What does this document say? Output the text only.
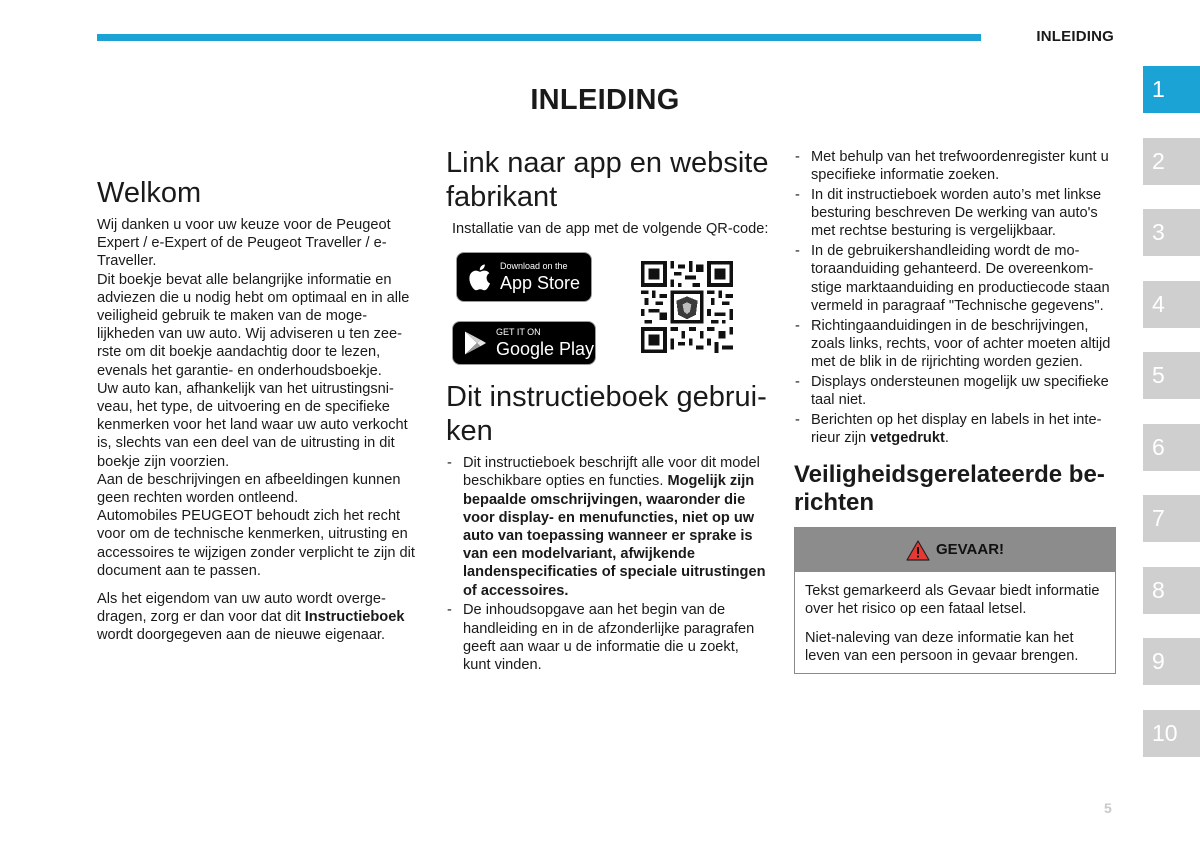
INLEIDING
INLEIDING	1
2
3
4
5
6
7
8
9
10
Welkom

Wij danken u voor uw keuze voor de Peugeot Expert / e-Expert of de Peugeot Traveller / e-Traveller.

Dit boekje bevat alle belangrijke informatie en adviezen die u nodig hebt om optimaal en in alle veiligheid gebruik te maken van de mogelijkheden van uw auto. Wij adviseren u ten zeerste om dit boekje aandachtig door te lezen, evenals het garantie- en onderhoudsboekje.

Uw auto kan, afhankelijk van het uitrustingsniveau, het type, de uitvoering en de specifieke kenmerken voor het land waar uw auto verkocht is, slechts van een deel van de uitrusting in dit boekje zijn voorzien.

Aan de beschrijvingen en afbeeldingen kunnen geen rechten worden ontleend.

Automobiles PEUGEOT behoudt zich het recht voor om de technische kenmerken, uitrusting en accessoires te wijzigen zonder verplicht te zijn dit document aan te passen.

Als het eigendom van uw auto wordt overgedragen, zorg er dan voor dat dit Instructieboek wordt doorgegeven aan de nieuwe eigenaar.

Link naar app en website fabrikant

Installatie van de app met de volgende QR-code:

Download on the
App Store
GET IT ON
Google Play
Dit instructieboek gebruiken
- Dit instructieboek beschrijft alle voor dit model beschikbare opties en functies. Mogelijk zijn bepaalde omschrijvingen, waaronder die voor display- en menufuncties, niet op uw auto van toepassing wanneer er sprake is van een modelvariant, afwijkende landenspecificaties of speciale uitrustingen of accessoires.
- De inhoudsopgave aan het begin van de handleiding en in de afzonderlijke paragrafen geeft aan waar u de informatie die u zoekt, kunt vinden.
- Met behulp van het trefwoordenregister kunt u specifieke informatie zoeken.
- In dit instructieboek worden auto’s met linkse besturing beschreven De werking van auto's met rechtse besturing is vergelijkbaar.
- In de gebruikershandleiding wordt de motoraanduiding gehanteerd. De overeenkomstige marktaanduiding en productiecode staan vermeld in paragraaf "Technische gegevens".
- Richtingaanduidingen in de beschrijvingen, zoals links, rechts, voor of achter moeten altijd met de blik in de rijrichting worden gezien.
- Displays ondersteunen mogelijk uw specifieke taal niet.
- Berichten op het display en labels in het interieur zijn vetgedrukt.
Veiligheidsgerelateerde berichten
GEVAAR!

Tekst gemarkeerd als Gevaar biedt informatie over het risico op een fataal letsel.

Niet-naleving van deze informatie kan het leven van een persoon in gevaar brengen.

5
